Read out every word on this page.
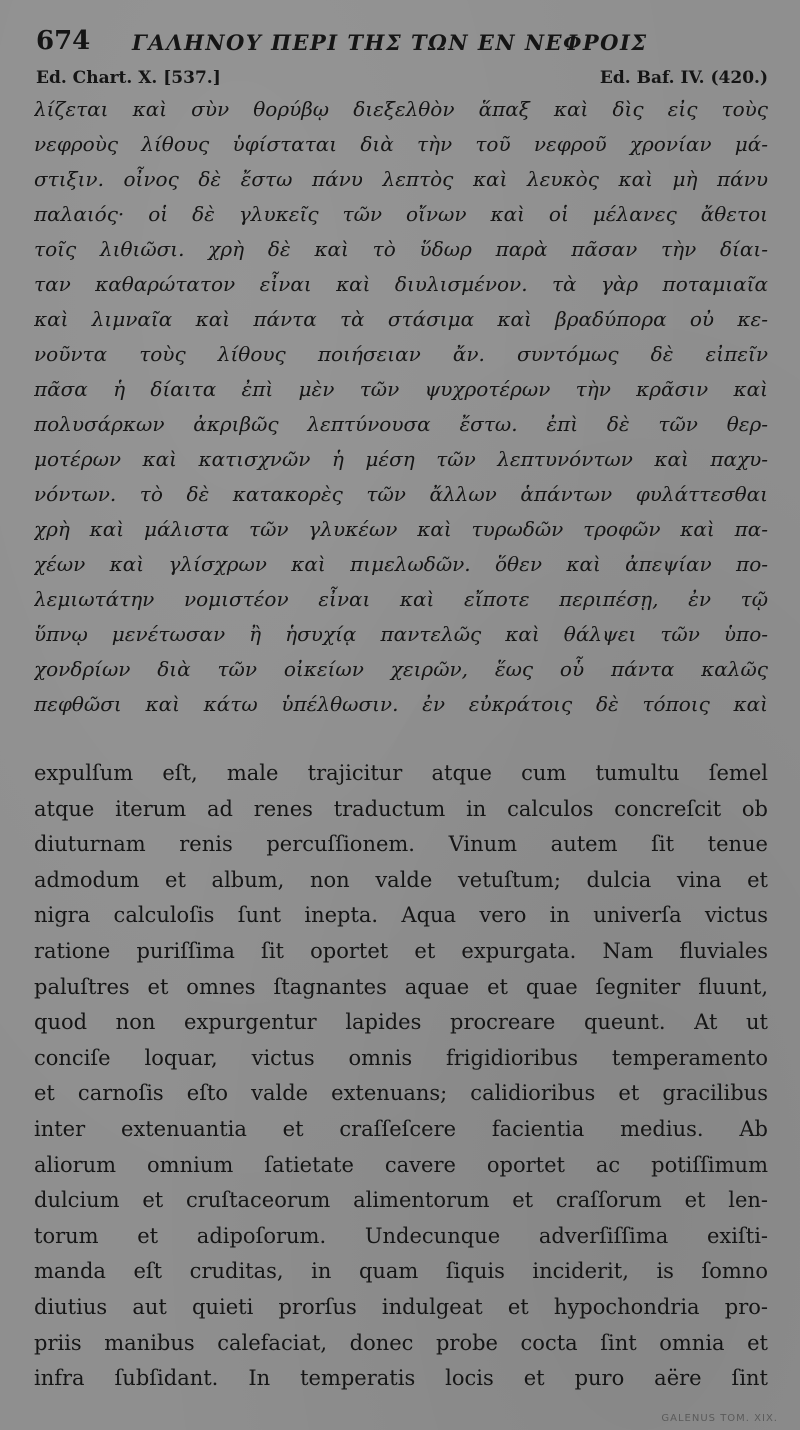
674 ΓΑΛΗΝΟΥ ΠΕΡΙ ΤΗΣ ΤΩΝ ΕΝ ΝΕΦΡΟΙΣ
Ed. Chart. X. [537.]	Ed. Baf. IV. (420.)
λίζεται καὶ σὺν θορύβῳ διεξελθὸν ἅπαξ καὶ δὶς εἰς τοὺς
νεφροὺς λίθους ὑφίσταται διὰ τὴν τοῦ νεφροῦ χρονίαν μά-
στιξιν. οἶνος δὲ ἔστω πάνυ λεπτὸς καὶ λευκὸς καὶ μὴ πάνυ
παλαιός· οἱ δὲ γλυκεῖς τῶν οἴνων καὶ οἱ μέλανες ἄθετοι
τοῖς λιθιῶσι. χρὴ δὲ καὶ τὸ ὕδωρ παρὰ πᾶσαν τὴν δίαι-
ταν καθαρώτατον εἶναι καὶ διυλισμένον. τὰ γὰρ ποταμιαῖα
καὶ λιμναῖα καὶ πάντα τὰ στάσιμα καὶ βραδύπορα οὐ κε-
νοῦντα τοὺς λίθους ποιήσειαν ἄν. συντόμως δὲ εἰπεῖν
πᾶσα ἡ δίαιτα ἐπὶ μὲν τῶν ψυχροτέρων τὴν κρᾶσιν καὶ
πολυσάρκων ἀκριβῶς λεπτύνουσα ἔστω. ἐπὶ δὲ τῶν θερ-
μοτέρων καὶ κατισχνῶν ἡ μέση τῶν λεπτυνόντων καὶ παχυ-
νόντων. τὸ δὲ κατακορὲς τῶν ἄλλων ἁπάντων φυλάττεσθαι
χρὴ καὶ μάλιστα τῶν γλυκέων καὶ τυρωδῶν τροφῶν καὶ πα-
χέων καὶ γλίσχρων καὶ πιμελωδῶν. ὅθεν καὶ ἀπεψίαν πο-
λεμιωτάτην νομιστέον εἶναι καὶ εἴποτε περιπέσῃ, ἐν τῷ
ὕπνῳ μενέτωσαν ἢ ἡσυχίᾳ παντελῶς καὶ θάλψει τῶν ὑπο-
χονδρίων διὰ τῶν οἰκείων χειρῶν, ἕως οὗ πάντα καλῶς
πεφθῶσι καὶ κάτω ὑπέλθωσιν. ἐν εὐκράτοις δὲ τόποις καὶ
expulſum eſt, male trajicitur atque cum tumultu ſemel
atque iterum ad renes traductum in calculos concreſcit ob
diuturnam renis percuſſionem. Vinum autem ſit tenue
admodum et album, non valde vetuſtum; dulcia vina et
nigra calculoſis ſunt inepta. Aqua vero in univerſa victus
ratione puriſſima ſit oportet et expurgata. Nam fluviales
paluſtres et omnes ſtagnantes aquae et quae ſegniter fluunt,
quod non expurgentur lapides procreare queunt. At ut
conciſe loquar, victus omnis frigidioribus temperamento
et carnoſis eſto valde extenuans; calidioribus et gracilibus
inter extenuantia et craſſeſcere facientia medius. Ab
aliorum omnium ſatietate cavere oportet ac potiſſimum
dulcium et cruſtaceorum alimentorum et craſſorum et len-
torum et adipoſorum. Undecunque adverſiſſima exiſti-
manda eſt cruditas, in quam ſiquis inciderit, is ſomno
diutius aut quieti prorſus indulgeat et hypochondria pro-
priis manibus calefaciat, donec probe cocta ſint omnia et
infra ſubſidant. In temperatis locis et puro aëre ſint
GALENUS TOM. XIX.
